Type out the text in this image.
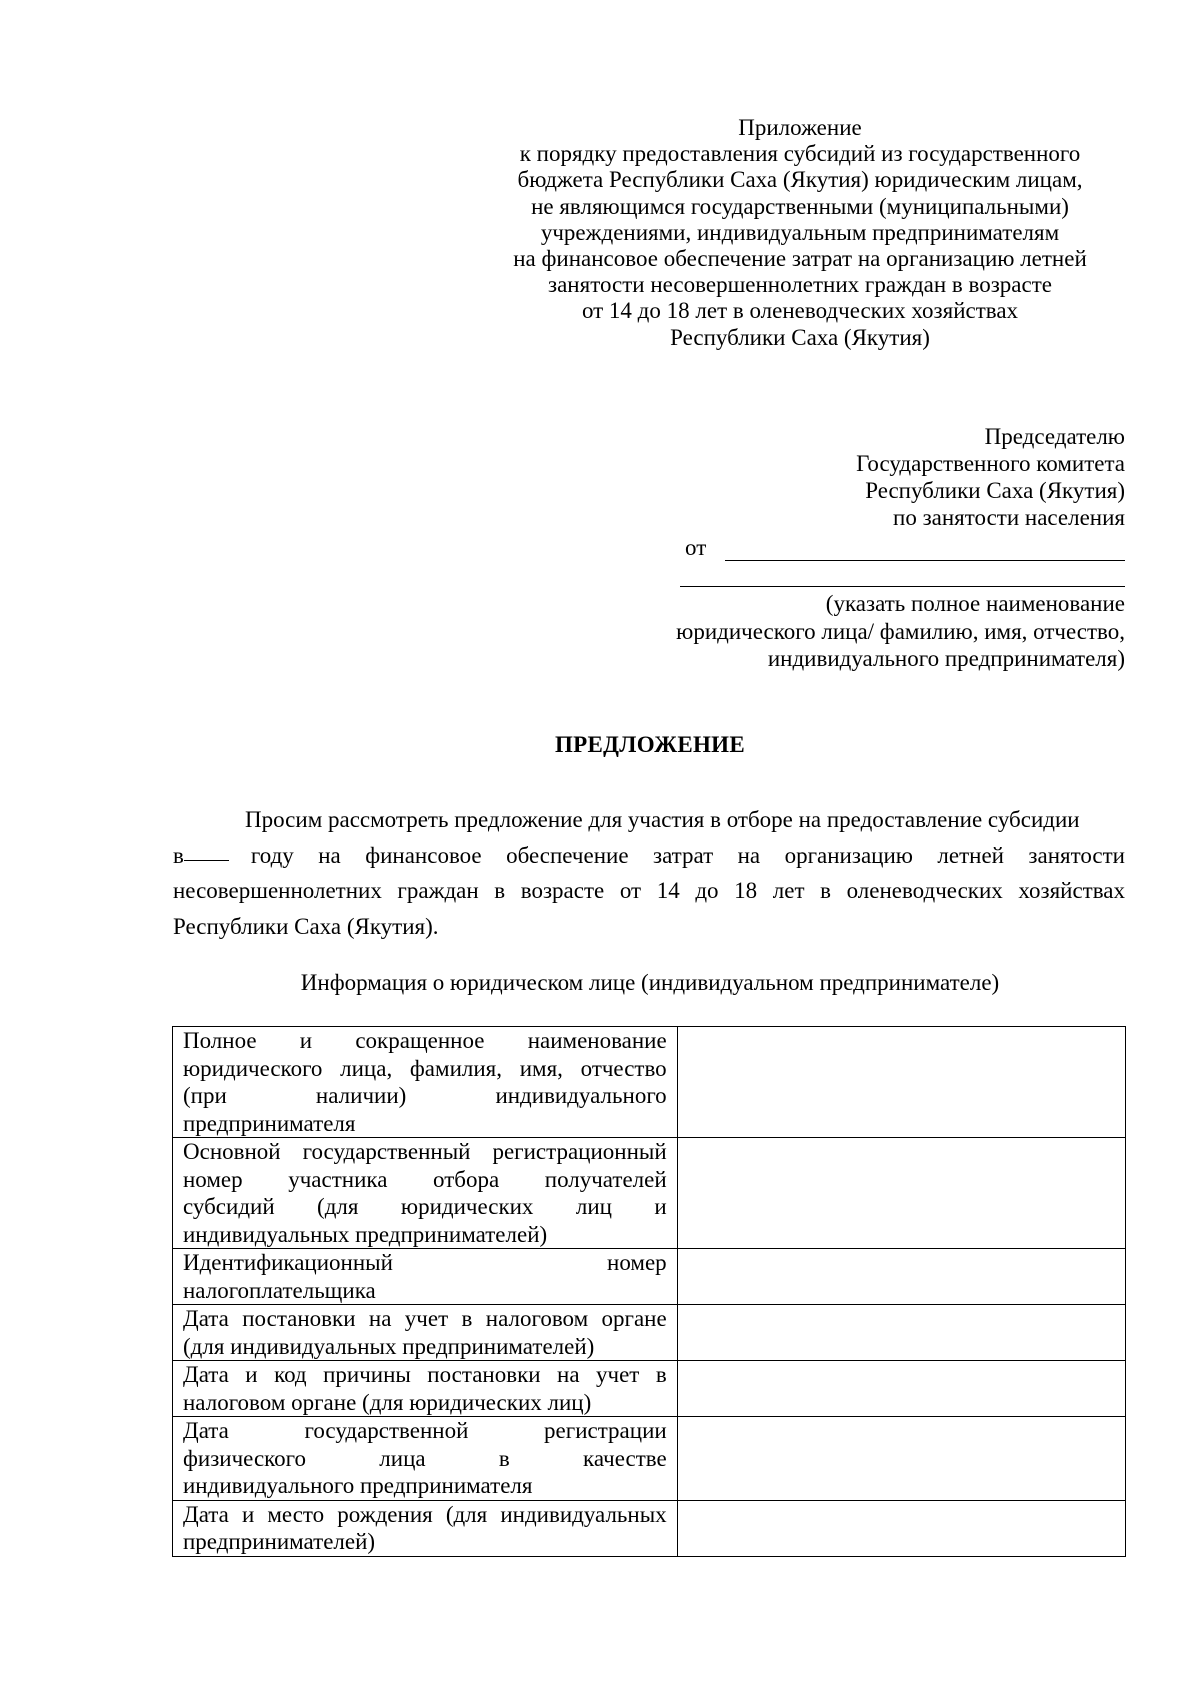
Приложение
к порядку предоставления субсидий из государственного
бюджета Республики Саха (Якутия) юридическим лицам,
не являющимся государственными (муниципальными)
учреждениями, индивидуальным предпринимателям
на финансовое обеспечение затрат на организацию летней
занятости несовершеннолетних граждан в возрасте
от 14 до 18 лет в оленеводческих хозяйствах
Республики Саха (Якутия)
Председателю
Государственного комитета
Республики Саха (Якутия)
по занятости населения
от
(указать полное наименование
юридического лица/ фамилию, имя, отчество,
индивидуального предпринимателя)
ПРЕДЛОЖЕНИЕ
Просим рассмотреть предложение для участия в отборе на предоставление субсидии
в	году на финансовое обеспечение затрат на организацию летней занятости
несовершеннолетних граждан в возрасте от 14 до 18 лет в оленеводческих хозяйствах
Республики Саха (Якутия).
Информация о юридическом лице (индивидуальном предпринимателе)
Полное и сокращенное наименование
юридического лица, фамилия, имя, отчество
(при наличии) индивидуального
предпринимателя	

Основной государственный регистрационный
номер участника отбора получателей
субсидий (для юридических лиц и
индивидуальных предпринимателей)	

Идентификационный номер
налогоплательщика	

Дата постановки на учет в налоговом органе
(для индивидуальных предпринимателей)	

Дата и код причины постановки на учет в
налоговом органе (для юридических лиц)	

Дата государственной регистрации
физического лица в качестве
индивидуального предпринимателя	

Дата и место рождения (для индивидуальных
предпринимателей)	
